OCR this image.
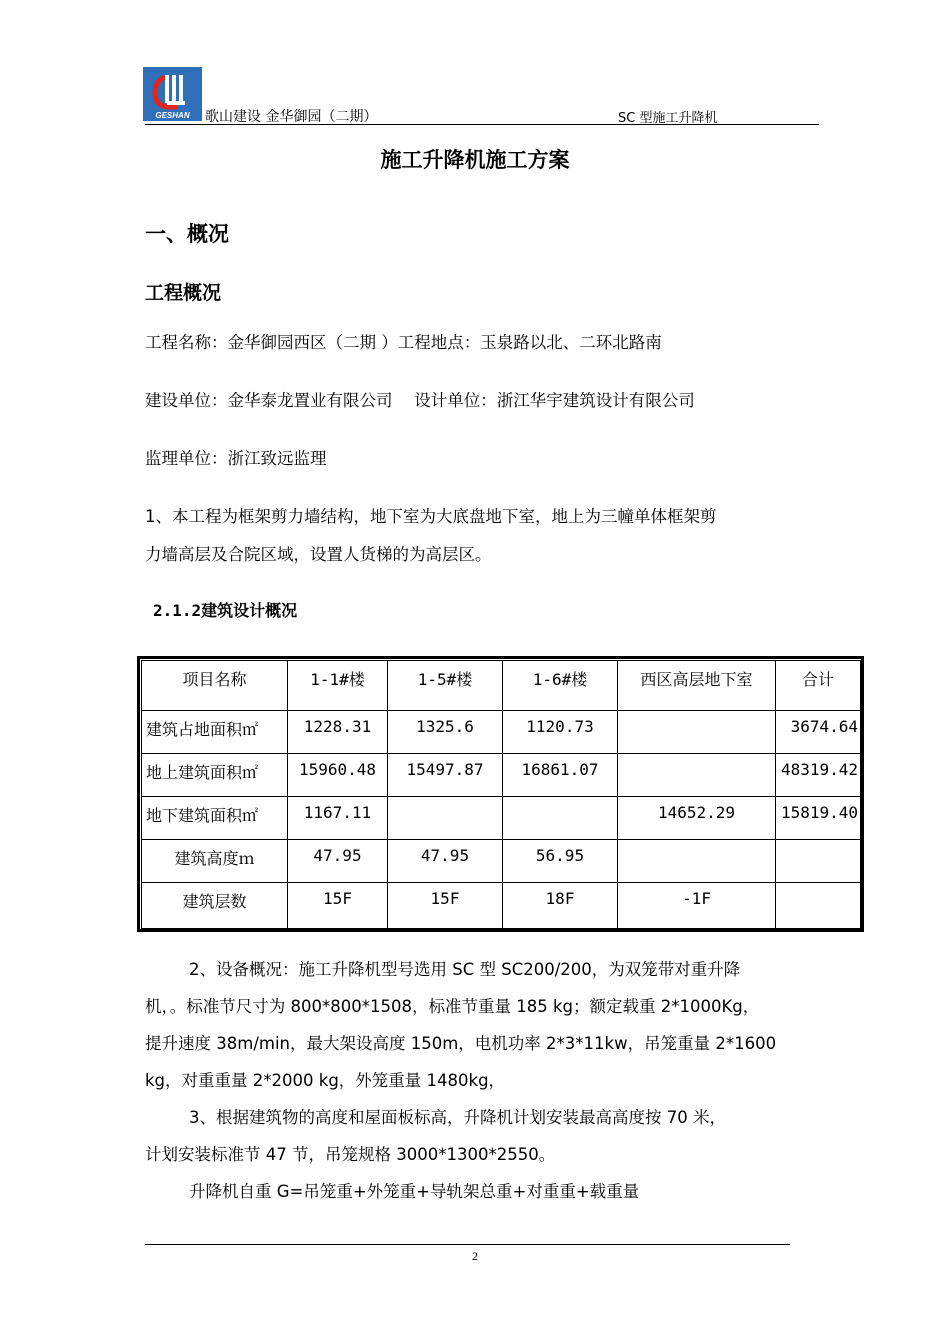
GESHAN 歌山建设 金华御园（二期）	SC 型施工升降机
施工升降机施工方案
一、概况
工程概况
工程名称：金华御园西区（二期 ）工程地点：玉泉路以北、二环北路南
建设单位：金华泰龙置业有限公司　 设计单位：浙江华宇建筑设计有限公司
监理单位：浙江致远监理
1、本工程为框架剪力墙结构，地下室为大底盘地下室，地上为三幢单体框架剪
力墙高层及合院区域，设置人货梯的为高层区。
2.1.2建筑设计概况
项目名称	1-1#楼	1-5#楼	1-6#楼	西区高层地下室	合计
建筑占地面积㎡	1228.31	1325.6	1120.73		3674.64
地上建筑面积㎡	15960.48	15497.87	16861.07		48319.42
地下建筑面积㎡	1167.11			14652.29	15819.40
建筑高度ｍ	47.95	47.95	56.95		
建筑层数	15F	15F	18F	-1F	
2、设备概况：施工升降机型号选用 SC 型 SC200/200，为双笼带对重升降
机，。标准节尺寸为 800*800*1508，标准节重量 185 kg；额定载重 2*1000Kg，
提升速度 38m/min，最大架设高度 150m，电机功率 2*3*11kw，吊笼重量 2*1600
kg，对重重量 2*2000 kg，外笼重量 1480kg，
3、根据建筑物的高度和屋面板标高，升降机计划安装最高高度按 70 米，
计划安装标准节 47 节，吊笼规格 3000*1300*2550。
升降机自重 G=吊笼重+外笼重+导轨架总重+对重重+载重量
2
